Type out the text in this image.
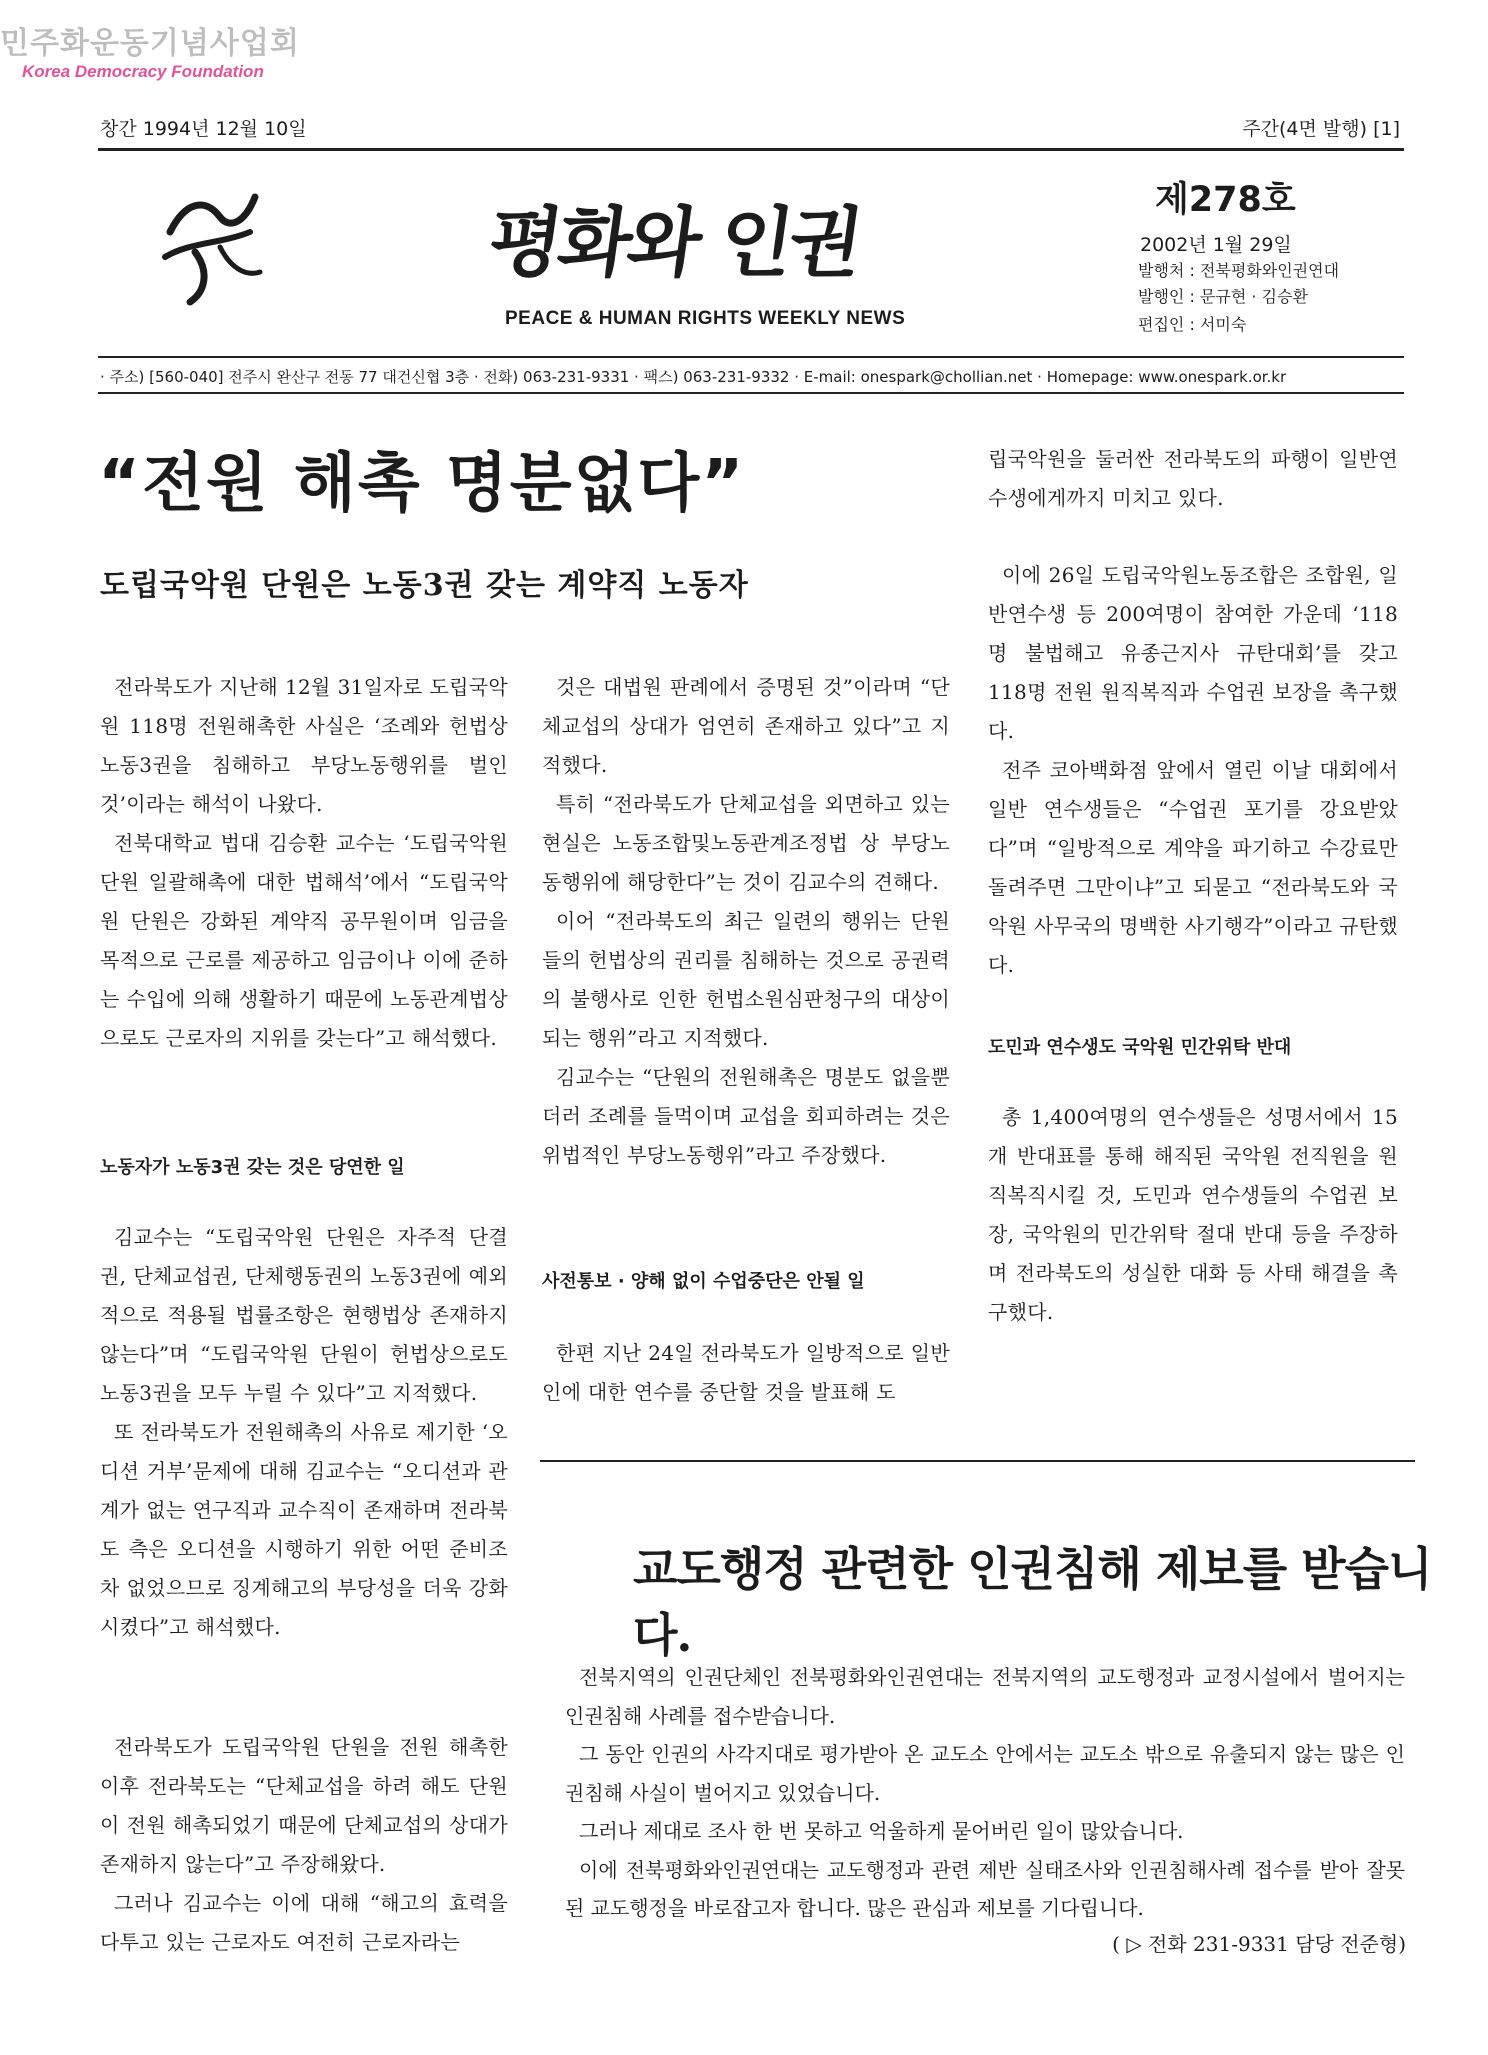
민주화운동기념사업회
Korea Democracy Foundation
창간 1994년 12월 10일	주간(4면 발행) [1]
평화와 인권
PEACE & HUMAN RIGHTS WEEKLY NEWS
제278호
2002년 1월 29일
발행처 : 전북평화와인권연대
발행인 : 문규현 · 김승환
편집인 : 서미숙
· 주소) [560-040] 전주시 완산구 전동 77 대건신협 3층 · 전화) 063-231-9331 · 팩스) 063-231-9332 · E-mail: onespark@chollian.net · Homepage: www.onespark.or.kr
“전원 해촉 명분없다”
도립국악원 단원은 노동3권 갖는 계약직 노동자

전라북도가 지난해 12월 31일자로 도립국악원 118명 전원해촉한 사실은 ‘조례와 헌법상 노동3권을 침해하고 부당노동행위를 벌인 것’이라는 해석이 나왔다.

전북대학교 법대 김승환 교수는 ‘도립국악원 단원 일괄해촉에 대한 법해석’에서 “도립국악원 단원은 강화된 계약직 공무원이며 임금을 목적으로 근로를 제공하고 임금이나 이에 준하는 수입에 의해 생활하기 때문에 노동관계법상으로도 근로자의 지위를 갖는다”고 해석했다.

노동자가 노동3권 갖는 것은 당연한 일

김교수는 “도립국악원 단원은 자주적 단결권, 단체교섭권, 단체행동권의 노동3권에 예외적으로 적용될 법률조항은 현행법상 존재하지 않는다”며 “도립국악원 단원이 헌법상으로도 노동3권을 모두 누릴 수 있다”고 지적했다.

또 전라북도가 전원해촉의 사유로 제기한 ‘오디션 거부’문제에 대해 김교수는 “오디션과 관계가 없는 연구직과 교수직이 존재하며 전라북도 측은 오디션을 시행하기 위한 어떤 준비조차 없었으므로 징계해고의 부당성을 더욱 강화시켰다”고 해석했다.

전라북도가 도립국악원 단원을 전원 해촉한 이후 전라북도는 “단체교섭을 하려 해도 단원이 전원 해촉되었기 때문에 단체교섭의 상대가 존재하지 않는다”고 주장해왔다.

그러나 김교수는 이에 대해 “해고의 효력을 다투고 있는 근로자도 여전히 근로자라는

것은 대법원 판례에서 증명된 것”이라며 “단체교섭의 상대가 엄연히 존재하고 있다”고 지적했다.

특히 “전라북도가 단체교섭을 외면하고 있는 현실은 노동조합및노동관계조정법 상 부당노동행위에 해당한다”는 것이 김교수의 견해다.

이어 “전라북도의 최근 일련의 행위는 단원들의 헌법상의 권리를 침해하는 것으로 공권력의 불행사로 인한 헌법소원심판청구의 대상이 되는 행위”라고 지적했다.

김교수는 “단원의 전원해촉은 명분도 없을뿐더러 조례를 들먹이며 교섭을 회피하려는 것은 위법적인 부당노동행위”라고 주장했다.

사전통보 · 양해 없이 수업중단은 안될 일

한편 지난 24일 전라북도가 일방적으로 일반인에 대한 연수를 중단할 것을 발표해 도

립국악원을 둘러싼 전라북도의 파행이 일반연수생에게까지 미치고 있다.

이에 26일 도립국악원노동조합은 조합원, 일반연수생 등 200여명이 참여한 가운데 ‘118명 불법해고 유종근지사 규탄대회’를 갖고 118명 전원 원직복직과 수업권 보장을 촉구했다.

전주 코아백화점 앞에서 열린 이날 대회에서 일반 연수생들은 “수업권 포기를 강요받았다”며 “일방적으로 계약을 파기하고 수강료만 돌려주면 그만이냐”고 되묻고 “전라북도와 국악원 사무국의 명백한 사기행각”이라고 규탄했다.

도민과 연수생도 국악원 민간위탁 반대

총 1,400여명의 연수생들은 성명서에서 15개 반대표를 통해 해직된 국악원 전직원을 원직복직시킬 것, 도민과 연수생들의 수업권 보장, 국악원의 민간위탁 절대 반대 등을 주장하며 전라북도의 성실한 대화 등 사태 해결을 촉구했다.

교도행정 관련한 인권침해 제보를 받습니다.

전북지역의 인권단체인 전북평화와인권연대는 전북지역의 교도행정과 교정시설에서 벌어지는 인권침해 사례를 접수받습니다.

그 동안 인권의 사각지대로 평가받아 온 교도소 안에서는 교도소 밖으로 유출되지 않는 많은 인권침해 사실이 벌어지고 있었습니다.

그러나 제대로 조사 한 번 못하고 억울하게 묻어버린 일이 많았습니다.

이에 전북평화와인권연대는 교도행정과 관련 제반 실태조사와 인권침해사례 접수를 받아 잘못된 교도행정을 바로잡고자 합니다. 많은 관심과 제보를 기다립니다.

( ▷ 전화 231-9331 담당 전준형)
